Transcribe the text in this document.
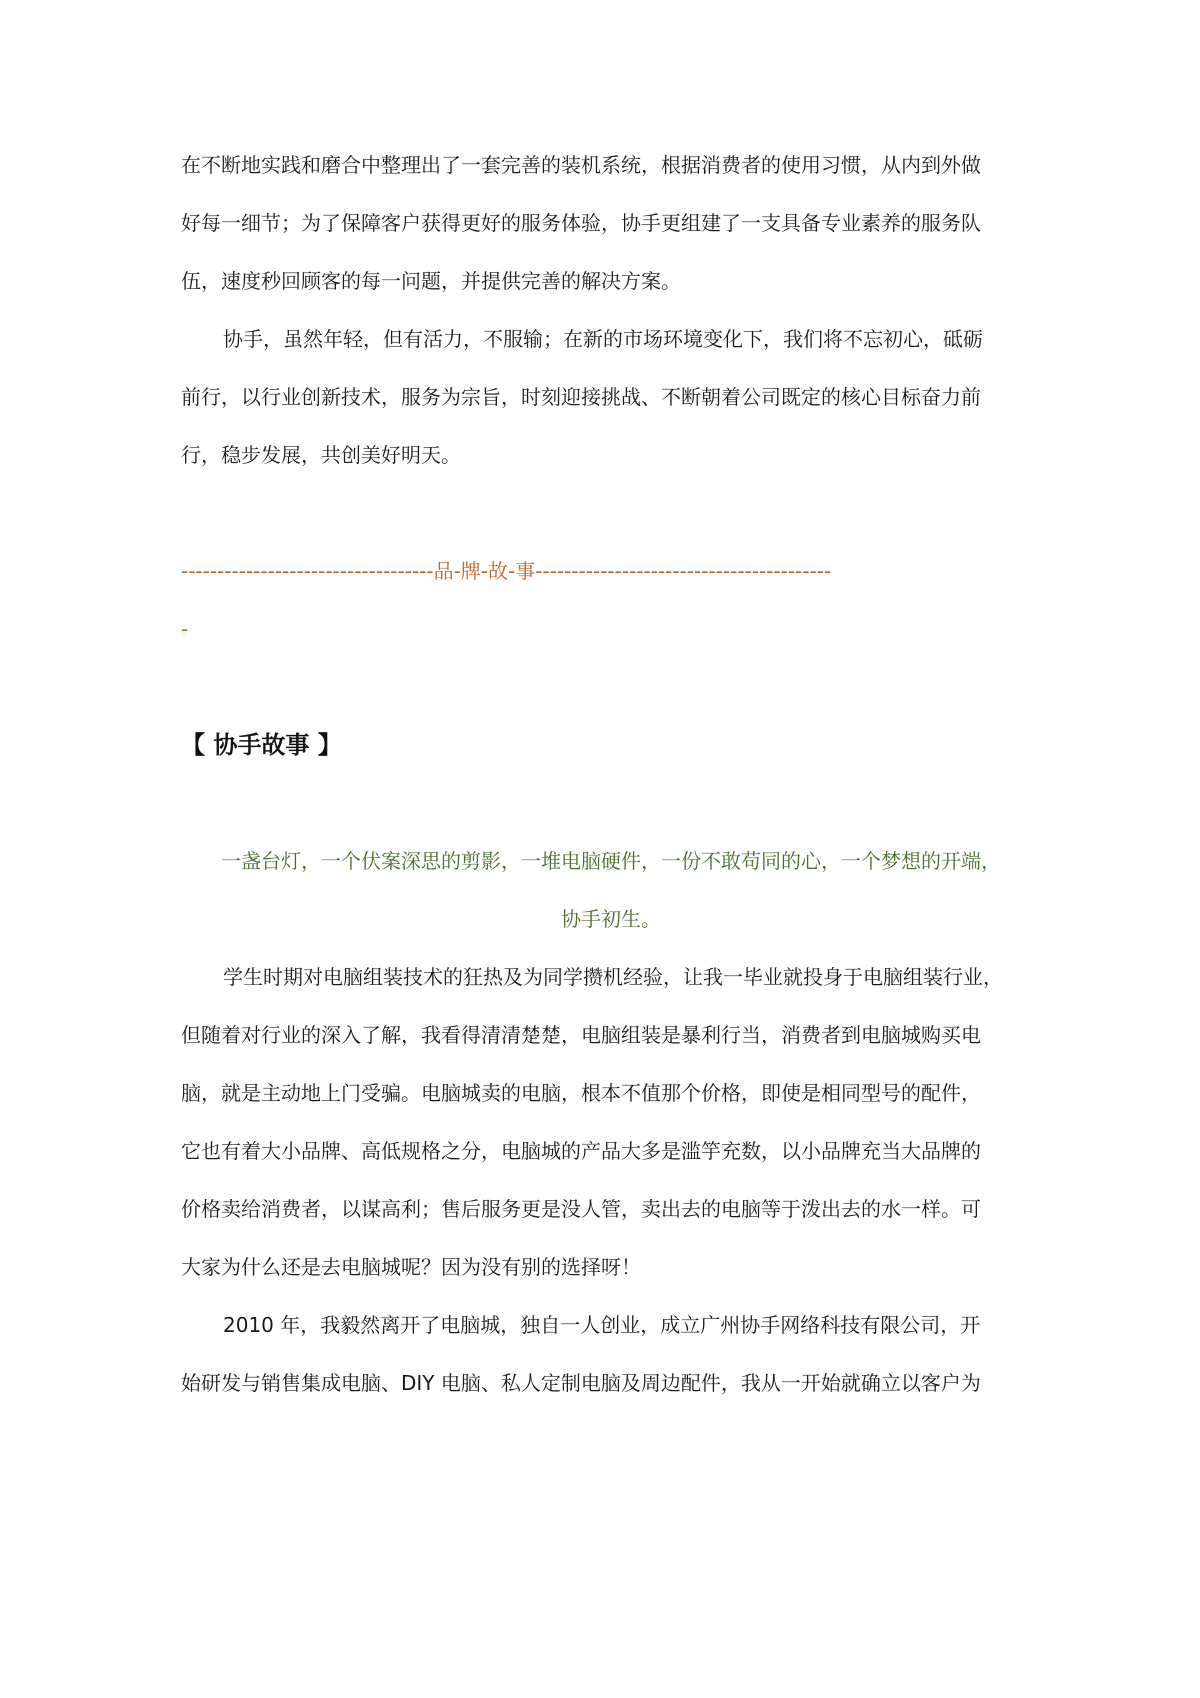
在不断地实践和磨合中整理出了一套完善的装机系统，根据消费者的使用习惯，从内到外做
好每一细节；为了保障客户获得更好的服务体验，协手更组建了一支具备专业素养的服务队
伍，速度秒回顾客的每一问题，并提供完善的解决方案。
协手，虽然年轻，但有活力，不服输；在新的市场环境变化下，我们将不忘初心，砥砺
前行，以行业创新技术，服务为宗旨，时刻迎接挑战、不断朝着公司既定的核心目标奋力前
行，稳步发展，共创美好明天。
-----------------------------------品-牌-故-事-----------------------------------------
-
【 协手故事 】
一盏台灯，一个伏案深思的剪影，一堆电脑硬件，一份不敢苟同的心，一个梦想的开端，
协手初生。
学生时期对电脑组装技术的狂热及为同学攒机经验，让我一毕业就投身于电脑组装行业，
但随着对行业的深入了解，我看得清清楚楚，电脑组装是暴利行当，消费者到电脑城购买电
脑，就是主动地上门受骗。电脑城卖的电脑，根本不值那个价格，即使是相同型号的配件，
它也有着大小品牌、高低规格之分，电脑城的产品大多是滥竽充数，以小品牌充当大品牌的
价格卖给消费者，以谋高利；售后服务更是没人管，卖出去的电脑等于泼出去的水一样。可
大家为什么还是去电脑城呢？因为没有别的选择呀！
2010 年，我毅然离开了电脑城，独自一人创业，成立广州协手网络科技有限公司，开
始研发与销售集成电脑、DIY 电脑、私人定制电脑及周边配件，我从一开始就确立以客户为
